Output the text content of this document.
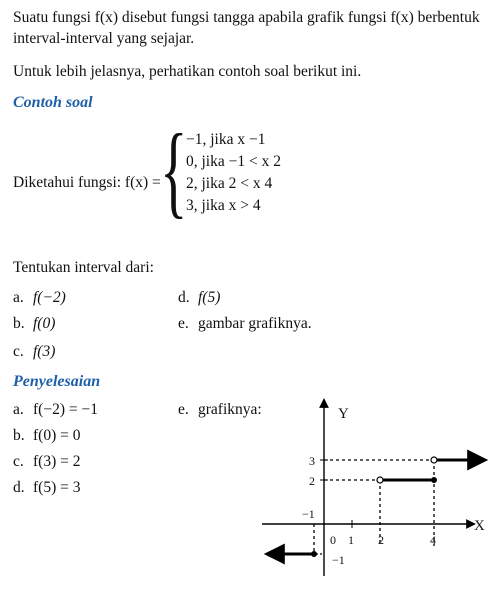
Suatu fungsi f(x) disebut fungsi tangga apabila grafik fungsi f(x) berbentuk
interval-interval yang sejajar.
Untuk lebih jelasnya, perhatikan contoh soal berikut ini.
Contoh soal
Diketahui fungsi: f(x) = {
−1, jika x −1
0, jika −1 < x 2
2, jika 2 < x 4
3, jika x > 4
Tentukan interval dari:
a. f(−2)
b. f(0)
c. f(3)
d. f(5)
e. gambar grafiknya.
Penyelesaian
a. f(−2) = −1
b. f(0) = 0
c. f(3) = 2
d. f(5) = 3
e. grafiknya:
X
Y
3
2
−1
0 1 2	4
−1
